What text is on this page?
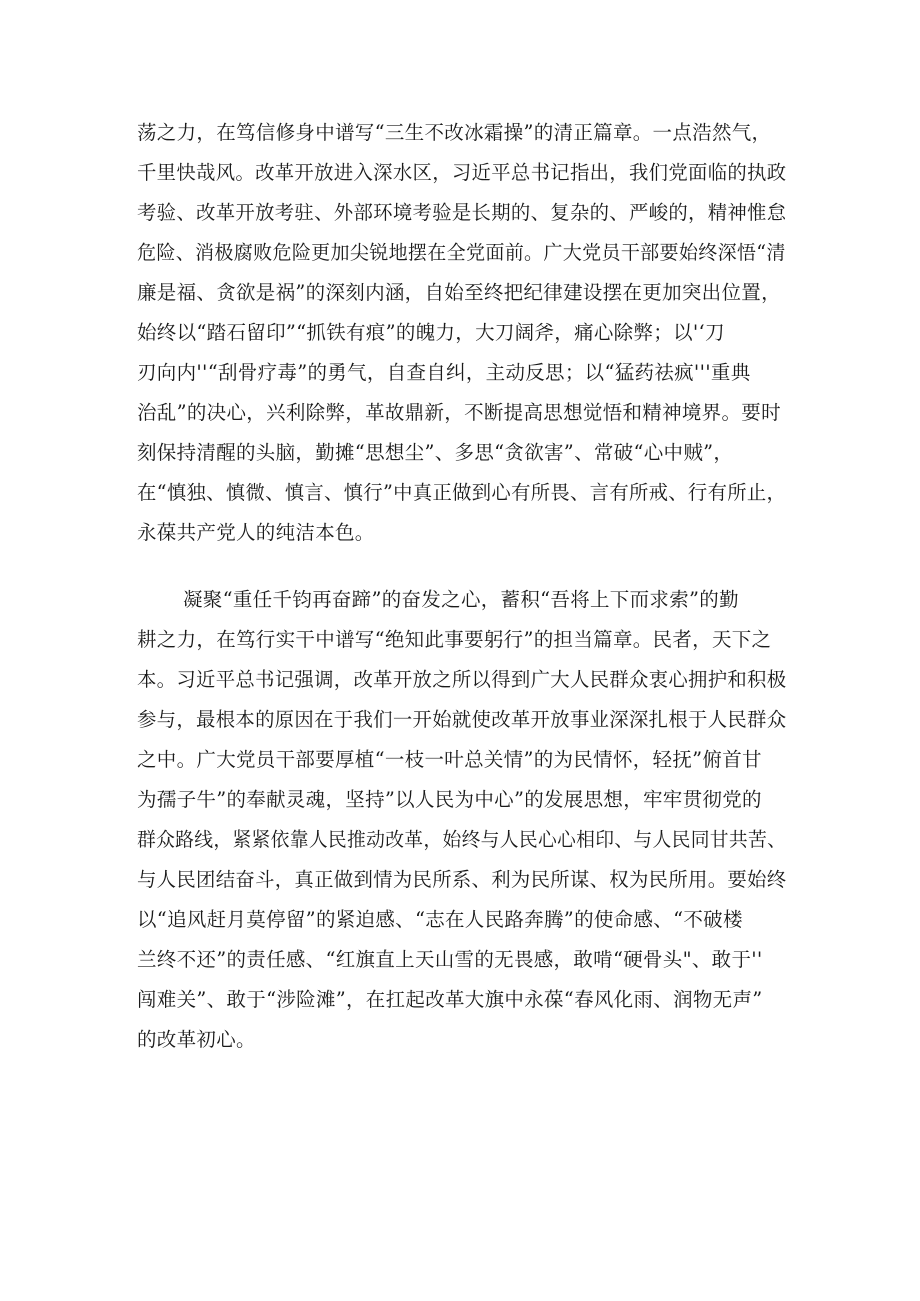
荡之力，在笃信修身中谱写“三生不改冰霜操”的清正篇章。一点浩然气，
千里快哉风。改革开放进入深水区，习近平总书记指出，我们党面临的执政
考验、改革开放考驻、外部环境考验是长期的、复杂的、严峻的，精神惟怠
危险、消极腐败危险更加尖锐地摆在全党面前。广大党员干部要始终深悟“清
廉是福、贪欲是祸”的深刻内涵，自始至终把纪律建设摆在更加突出位置，
始终以“踏石留印”“抓铁有痕”的魄力，大刀阔斧，痛心除弊；以'‘刀
刃向内''“刮骨疗毒”的勇气，自查自纠，主动反思；以“猛药祛疯'''重典
治乱”的决心，兴利除弊，革故鼎新，不断提高思想觉悟和精神境界。要时
刻保持清醒的头脑，勤摊“思想尘”、多思“贪欲害”、常破“心中贼”，
在“慎独、慎微、慎言、慎行”中真正做到心有所畏、言有所戒、行有所止，
永葆共产党人的纯洁本色。
凝聚“重任千钧再奋蹄”的奋发之心，蓄积“吾将上下而求索”的勤
耕之力，在笃行实干中谱写“绝知此事要躬行”的担当篇章。民者，天下之
本。习近平总书记强调，改革开放之所以得到广大人民群众衷心拥护和积极
参与，最根本的原因在于我们一开始就使改革开放事业深深扎根于人民群众
之中。广大党员干部要厚植“一枝一叶总关情”的为民情怀，轻抚”俯首甘
为孺子牛”的奉献灵魂，坚持”以人民为中心”的发展思想，牢牢贯彻党的
群众路线，紧紧依靠人民推动改革，始终与人民心心相印、与人民同甘共苦、
与人民团结奋斗，真正做到情为民所系、利为民所谋、权为民所用。要始终
以“追风赶月莫停留”的紧迫感、“志在人民路奔腾”的使命感、“不破楼
兰终不还”的责任感、“红旗直上天山雪的无畏感，敢啃“硬骨头"、敢于''
闯难关”、敢于“涉险滩”，在扛起改革大旗中永葆“春风化雨、润物无声”
的改革初心。
